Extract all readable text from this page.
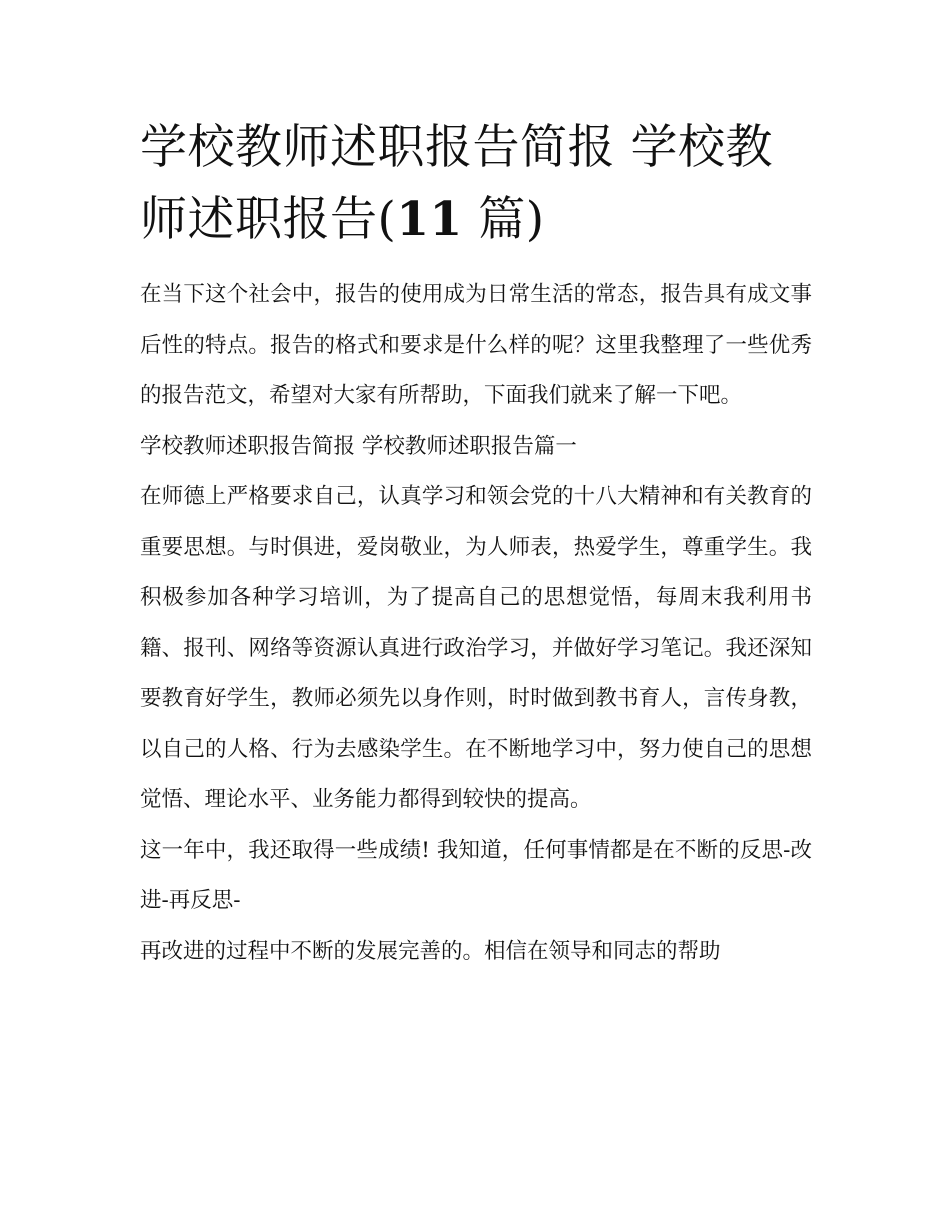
学校教师述职报告简报 学校教师述职报告(11 篇)

在当下这个社会中，报告的使用成为日常生活的常态，报告具有成文事后性的特点。报告的格式和要求是什么样的呢？这里我整理了一些优秀的报告范文，希望对大家有所帮助，下面我们就来了解一下吧。

学校教师述职报告简报 学校教师述职报告篇一

在师德上严格要求自己，认真学习和领会党的十八大精神和有关教育的重要思想。与时俱进，爱岗敬业，为人师表，热爱学生，尊重学生。我积极参加各种学习培训，为了提高自己的思想觉悟，每周末我利用书籍、报刊、网络等资源认真进行政治学习，并做好学习笔记。我还深知要教育好学生，教师必须先以身作则，时时做到教书育人，言传身教，以自己的人格、行为去感染学生。在不断地学习中，努力使自己的思想觉悟、理论水平、业务能力都得到较快的提高。

这一年中，我还取得一些成绩! 我知道，任何事情都是在不断的反思-改进-再反思-

再改进的过程中不断的发展完善的。相信在领导和同志的帮助
